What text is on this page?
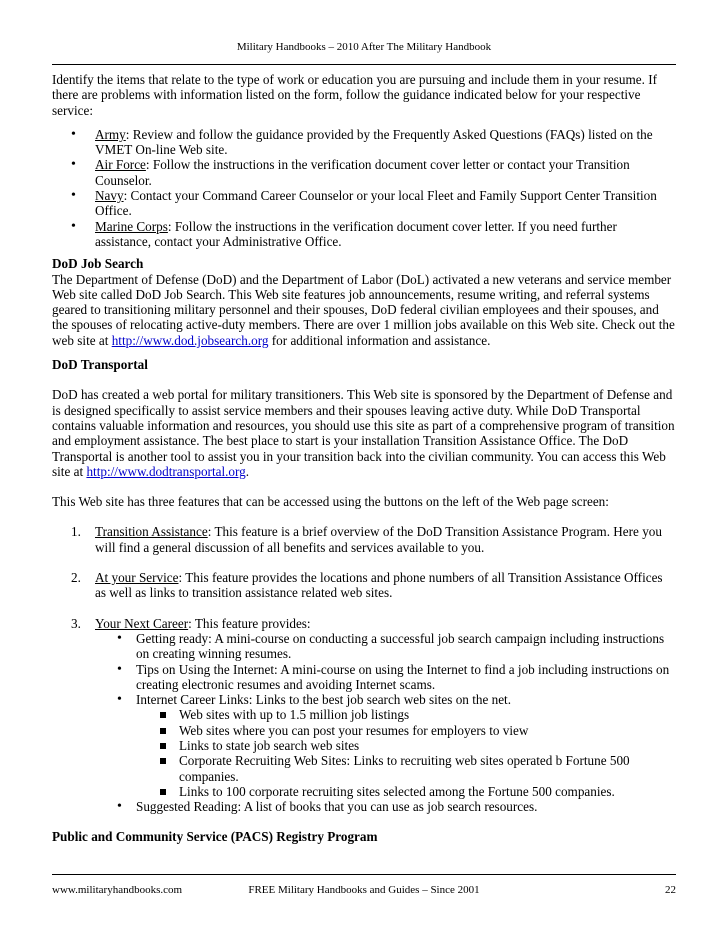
Military Handbooks – 2010 After The Military Handbook

Identify the items that relate to the type of work or education you are pursuing and include them in your resume. If there are problems with information listed on the form, follow the guidance indicated below for your respective service:

• Army: Review and follow the guidance provided by the Frequently Asked Questions (FAQs) listed on the VMET On-line Web site.
• Air Force: Follow the instructions in the verification document cover letter or contact your Transition Counselor.
• Navy: Contact your Command Career Counselor or your local Fleet and Family Support Center Transition Office.
• Marine Corps: Follow the instructions in the verification document cover letter. If you need further assistance, contact your Administrative Office.

DoD Job Search

The Department of Defense (DoD) and the Department of Labor (DoL) activated a new veterans and service member Web site called DoD Job Search. This Web site features job announcements, resume writing, and referral systems geared to transitioning military personnel and their spouses, DoD federal civilian employees and their spouses, and the spouses of relocating active-duty members. There are over 1 million jobs available on this Web site. Check out the web site at http://www.dod.jobsearch.org for additional information and assistance.

DoD Transportal

DoD has created a web portal for military transitioners. This Web site is sponsored by the Department of Defense and is designed specifically to assist service members and their spouses leaving active duty. While DoD Transportal contains valuable information and resources, you should use this site as part of a comprehensive program of transition and employment assistance. The best place to start is your installation Transition Assistance Office. The DoD Transportal is another tool to assist you in your transition back into the civilian community. You can access this Web site at http://www.dodtransportal.org.

This Web site has three features that can be accessed using the buttons on the left of the Web page screen:

1. Transition Assistance: This feature is a brief overview of the DoD Transition Assistance Program. Here you will find a general discussion of all benefits and services available to you.
2. At your Service: This feature provides the locations and phone numbers of all Transition Assistance Offices as well as links to transition assistance related web sites.
3. Your Next Career: This feature provides:
• Getting ready: A mini-course on conducting a successful job search campaign including instructions on creating winning resumes.
• Tips on Using the Internet: A mini-course on using the Internet to find a job including instructions on creating electronic resumes and avoiding Internet scams.
• Internet Career Links: Links to the best job search web sites on the net.
Web sites with up to 1.5 million job listings
Web sites where you can post your resumes for employers to view
Links to state job search web sites
Corporate Recruiting Web Sites: Links to recruiting web sites operated b Fortune 500 companies.
Links to 100 corporate recruiting sites selected among the Fortune 500 companies.
• Suggested Reading: A list of books that you can use as job search resources.

Public and Community Service (PACS) Registry Program

www.militaryhandbooks.com	FREE Military Handbooks and Guides – Since 2001	22
